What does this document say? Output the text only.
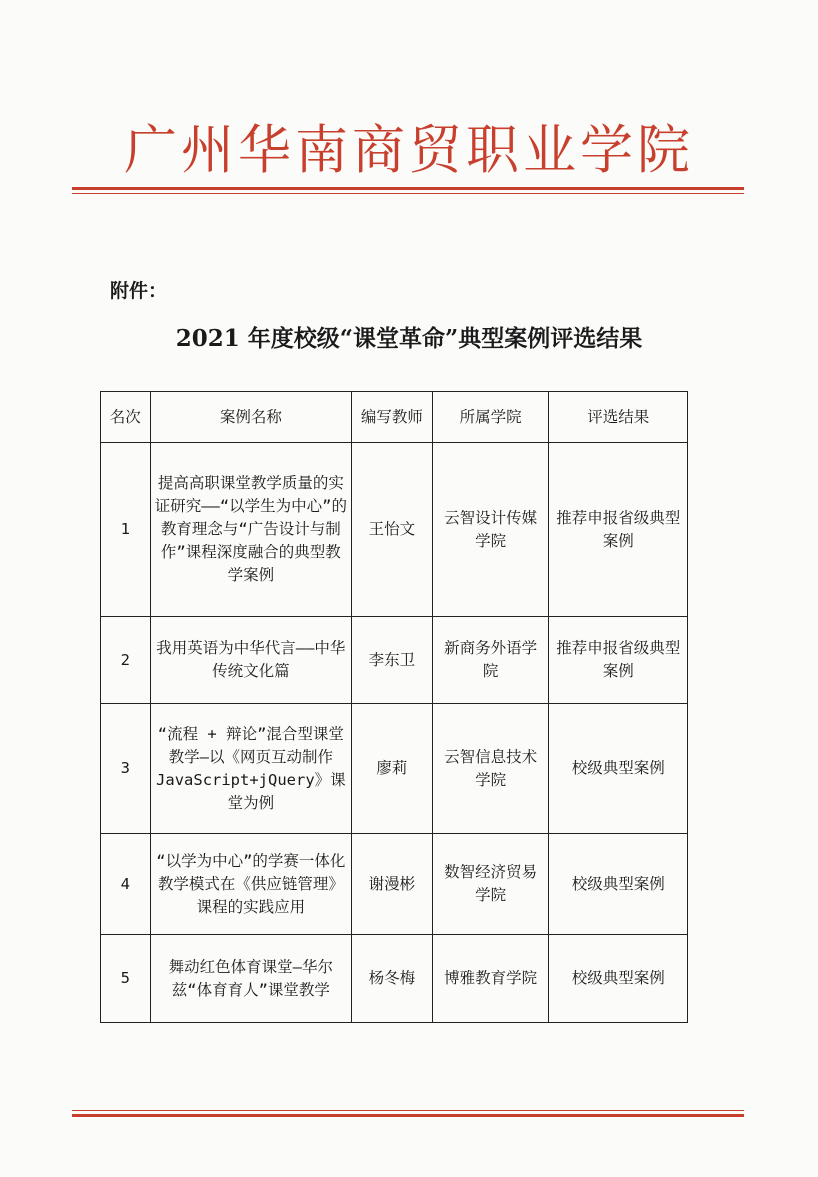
广州华南商贸职业学院
附件：
2021 年度校级“课堂革命”典型案例评选结果
名次	案例名称	编写教师	所属学院	评选结果
1	提高高职课堂教学质量的实证研究——“以学生为中心”的教育理念与“广告设计与制作”课程深度融合的典型教学案例	王怡文	云智设计传媒学院	推荐申报省级典型案例
2	我用英语为中华代言——中华传统文化篇	李东卫	新商务外语学院	推荐申报省级典型案例
3	“流程 + 辩论”混合型课堂教学—以《网页互动制作 JavaScript+jQuery》课堂为例	廖莉	云智信息技术学院	校级典型案例
4	“以学为中心”的学赛一体化教学模式在《供应链管理》课程的实践应用	谢漫彬	数智经济贸易学院	校级典型案例
5	舞动红色体育课堂—华尔兹“体育育人”课堂教学	杨冬梅	博雅教育学院	校级典型案例
